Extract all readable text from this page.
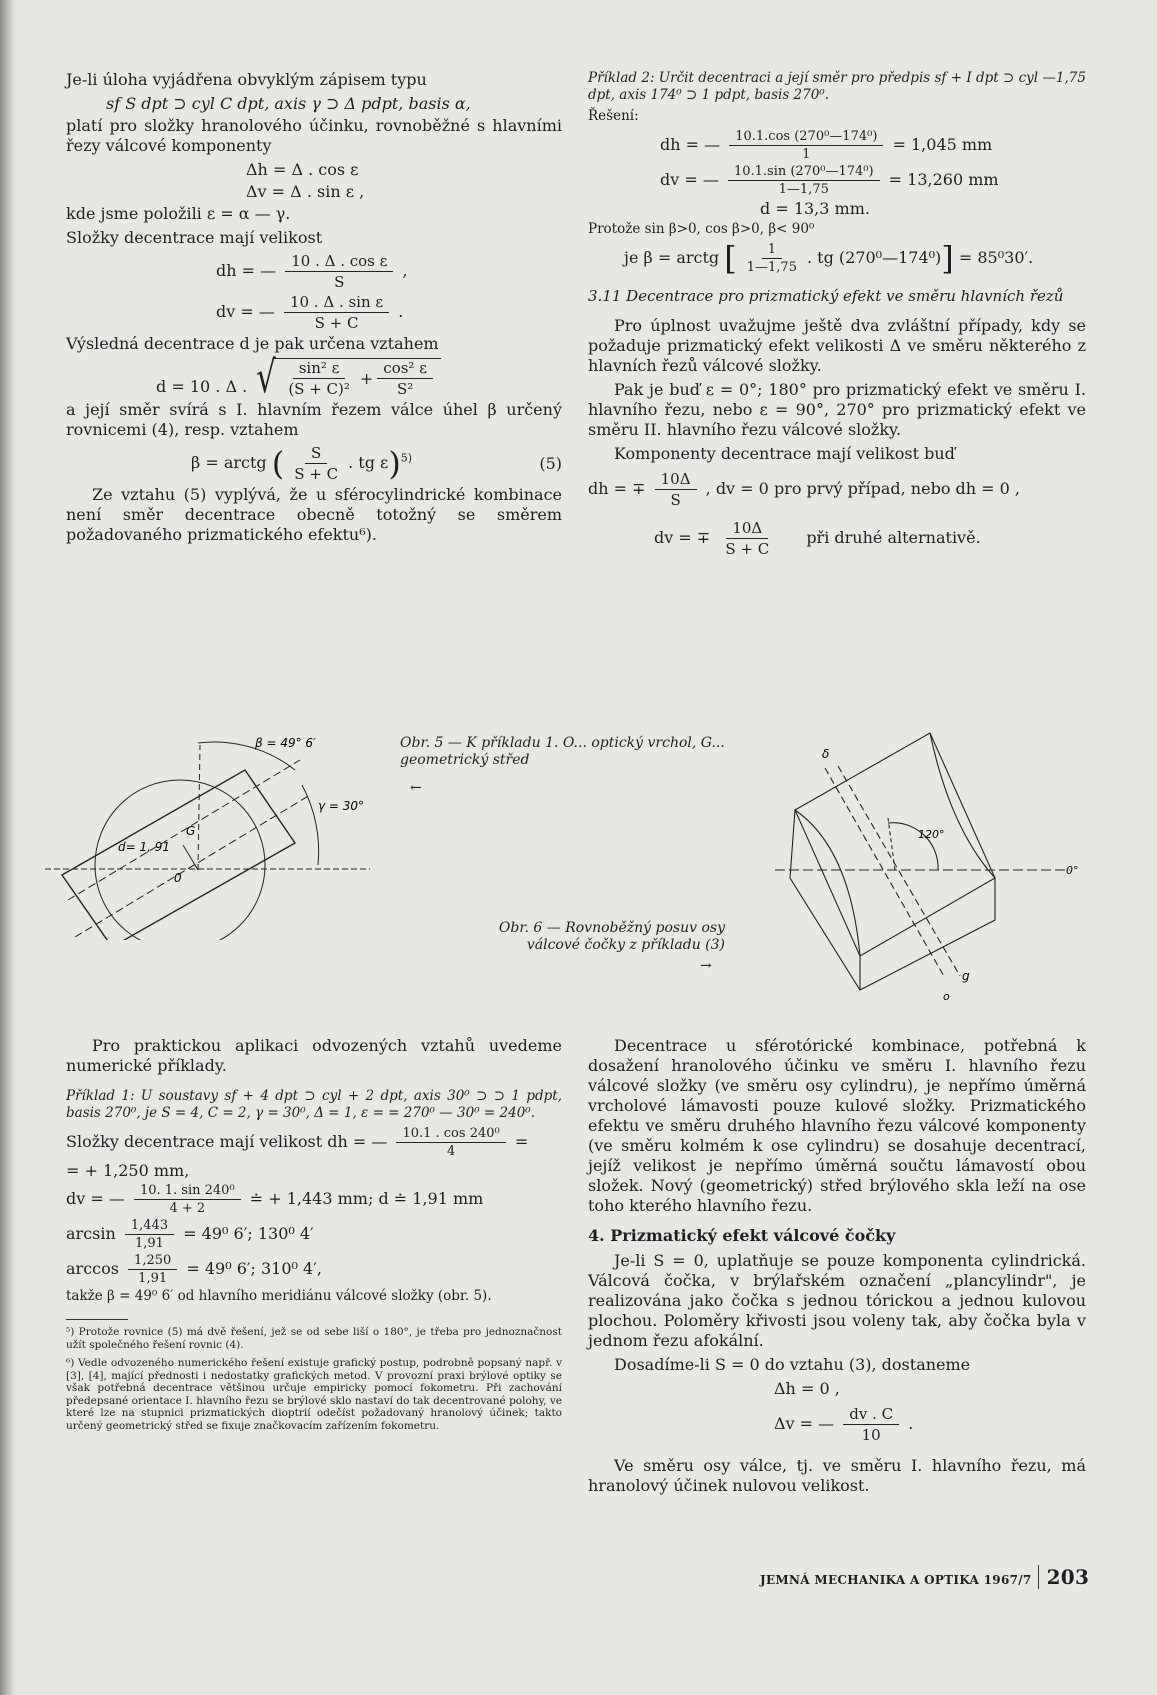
Je-li úloha vyjádřena obvyklým zápisem typu

sf S dpt ⊃ cyl C dpt, axis γ ⊃ Δ pdpt, basis α,

platí pro složky hranolového účinku, rovnoběžné s hlavními řezy válcové komponenty

Δh = Δ . cos ε
Δv = Δ . sin ε ,

kde jsme položili ε = α — γ.

Složky decentrace mají velikost

dh = — $\frac{\text{10 . Δ . cos ε}}{S}$ ,
dv = — $\frac{\text{10 . Δ . sin ε}}{S + C}$ .

Výsledná decentrace d je pak určena vztahem

d = 10 . Δ . √ $\frac{\text{sin² ε}}{\text{(S + C)²}} + \frac{\text{cos² ε}}{\text{S²}}$

a její směr svírá s I. hlavním řezem válce úhel β určený rovnicemi (4), resp. vztahem

β = arctg ( $\frac{S}{S + C}$ . tg ε)$^{5)}$	(5)

Ze vztahu (5) vyplývá, že u sférocylindrické kombinace není směr decentrace obecně totožný se směrem požadovaného prizmatického efektu⁶).

Příklad 2: Určit decentraci a její směr pro předpis sf + I dpt ⊃ cyl —1,75 dpt, axis 174⁰ ⊃ 1 pdpt, basis 270⁰.

Řešení:

dh = — $\frac{\text{10.1.cos (270⁰—174⁰)}}{1} = 1,045$ mm
dv = — $\frac{\text{10.1.sin (270⁰—174⁰)}}{1—1,75} = 13,260$ mm
d = 13,3 mm.

Protože sin β>0, cos β>0, β< 90⁰

je β = arctg [ $\frac{1}{1—1,75}$ . tg (270⁰—174⁰)] = 85⁰30′.

3.11 Decentrace pro prizmatický efekt ve směru hlavních řezů

Pro úplnost uvažujme ještě dva zvláštní případy, kdy se požaduje prizmatický efekt velikosti Δ ve směru některého z hlavních řezů válcové složky.

Pak je buď ε = 0°; 180° pro prizmatický efekt ve směru I. hlavního řezu, nebo ε = 90°, 270° pro prizmatický efekt ve směru II. hlavního řezu válcové složky.

Komponenty decentrace mají velikost buď

dh = ∓ $\frac{10\Delta}{S}$ , dv = 0 pro prvý případ, nebo dh = 0 ,
dv = ∓ $\frac{10\Delta}{S + C}$ při druhé alternativě.
β = 49° 6′
γ = 30°
d= 1, 91
G
0
Obr. 5 — K příkladu 1. O... optický vrchol, G... geometrický střed
←
δ
120°
0°
g
o
Obr. 6 — Rovnoběžný posuv osy válcové čočky z příkladu (3)
→

Pro praktickou aplikaci odvozených vztahů uvedeme numerické příklady.

Příklad 1: U soustavy sf + 4 dpt ⊃ cyl + 2 dpt, axis 30⁰ ⊃ ⊃ 1 pdpt, basis 270⁰, je S = 4, C = 2, γ = 30⁰, Δ = 1, ε = = 270⁰ — 30⁰ = 240⁰.

Složky decentrace mají velikost dh = — $\frac{\text{10.1 . cos 240⁰}}{4}$ =
= + 1,250 mm,
dv = — $\frac{\text{10. 1. sin 240⁰}}{4 + 2}$ ≐ + 1,443 mm; d ≐ 1,91 mm
$\arcsin \frac{1,443}{1,91} = 49^0$ 6′; 130⁰ 4′
$\arccos \frac{1,250}{1,91} = 49^0$ 6′; 310⁰ 4′,

takže β = 49⁰ 6′ od hlavního meridiánu válcové složky (obr. 5).

⁵) Protože rovnice (5) má dvě řešení, jež se od sebe liší o 180°, je třeba pro jednoznačnost užít společného řešení rovnic (4).

⁶) Vedle odvozeného numerického řešení existuje grafický postup, podrobně popsaný např. v [3], [4], mající přednosti i nedostatky grafických metod. V provozní praxi brýlové optiky se však potřebná decentrace většinou určuje empiricky pomocí fokometru. Při zachování předepsané orientace I. hlavního řezu se brýlové sklo nastaví do tak decentrované polohy, ve které lze na stupnici prizmatických dioptrií odečíst požadovaný hranolový účinek; takto určený geometrický střed se fixuje značkovacím zařízením fokometru.

Decentrace u sférotórické kombinace, potřebná k dosažení hranolového účinku ve směru I. hlavního řezu válcové složky (ve směru osy cylindru), je nepřímo úměrná vrcholové lámavosti pouze kulové složky. Prizmatického efektu ve směru druhého hlavního řezu válcové komponenty (ve směru kolmém k ose cylindru) se dosahuje decentrací, jejíž velikost je nepřímo úměrná součtu lámavostí obou složek. Nový (geometrický) střed brýlového skla leží na ose toho kterého hlavního řezu.

4. Prizmatický efekt válcové čočky

Je-li S = 0, uplatňuje se pouze komponenta cylindrická. Válcová čočka, v brýlařském označení „plancylindr", je realizována jako čočka s jednou tórickou a jednou kulovou plochou. Poloměry křivosti jsou voleny tak, aby čočka byla v jednom řezu afokální.

Dosadíme-li S = 0 do vztahu (3), dostaneme

Δh = 0 ,
Δv = — $\frac{dv . C}{10}$ .

Ve směru osy válce, tj. ve směru I. hlavního řezu, má hranolový účinek nulovou velikost.

JEMNÁ MECHANIKA A OPTIKA 1967/7 203
